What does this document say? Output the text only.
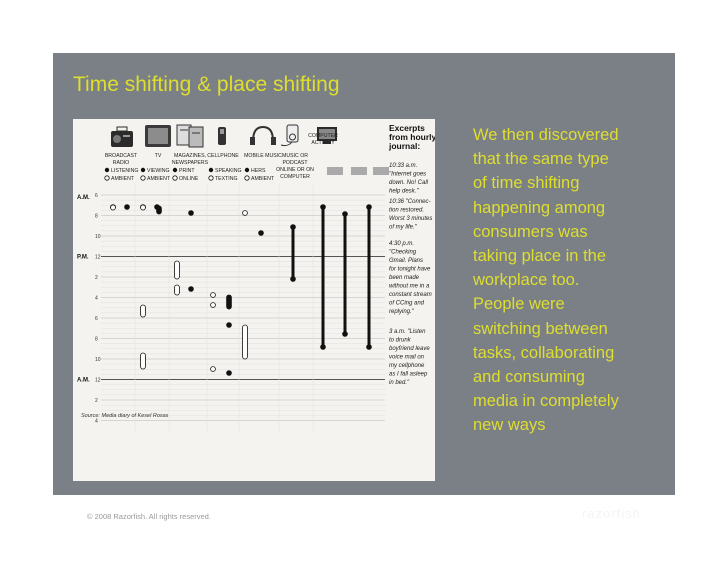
Time shifting & place shifting
BROADCAST
RADIO
TV MAGAZINES,
NEWSPAPERS
CELLPHONE MOBILE MUSIC MUSIC OR
PODCAST
ONLINE OR ON
COMPUTER
COMPUTER
ACTIVITY
LISTENING
AMBIENT
VIEWING
AMBIENT
PRINT
ONLINE
SPEAKING
TEXTING
HERS
AMBIENT
A.M.
P.M.
A.M.
6
8
10
12
2
4
6
8
10
12
2
4
Excerpts
from hourly
journal:
10:33 a.m.
"Internet goes
down. No! Call
help desk."
10:36 "Connec-
tion restored.
Worst 3 minutes
of my life."
4:30 p.m.
"Checking
Gmail. Plans
for tonight have
been made
without me in a
constant stream
of CCing and
replying."
3 a.m. "Listen
to drunk
boyfriend leave
voice mail on
my cellphone
as I fall asleep
in bed."
Source: Media diary of Kesel Rosas
We then discovered
that the same type
of time shifting
happening among
consumers was
taking place in the
workplace too.
People were
switching between
tasks, collaborating
and consuming
media in completely
new ways
© 2008 Razorfish. All rights reserved.	razorfish
